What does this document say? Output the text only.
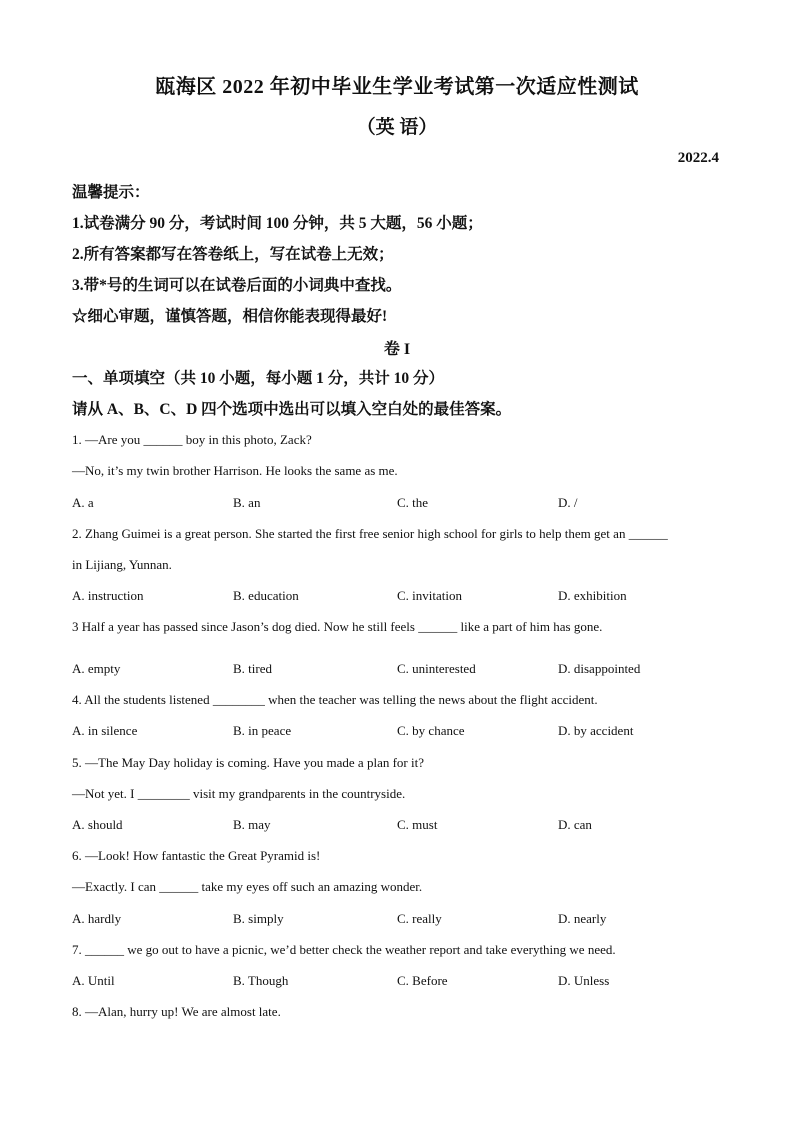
瓯海区 2022 年初中毕业生学业考试第一次适应性测试
（英 语）
2022.4
温馨提示：
1.试卷满分 90 分，考试时间 100 分钟，共 5 大题，56 小题；
2.所有答案都写在答卷纸上，写在试卷上无效；
3.带*号的生词可以在试卷后面的小词典中查找。
☆细心审题，谨慎答题，相信你能表现得最好!
卷 I
一、单项填空（共 10 小题，每小题 1 分，共计 10 分）
请从 A、B、C、D 四个选项中选出可以填入空白处的最佳答案。
1. —Are you ______ boy in this photo, Zack?
—No, it’s my twin brother Harrison. He looks the same as me.
A. a	B. an	C. the	D. /
2. Zhang Guimei is a great person. She started the first free senior high school for girls to help them get an ______
in Lijiang, Yunnan.
A. instruction	B. education	C. invitation	D. exhibition
3 Half a year has passed since Jason’s dog died. Now he still feels ______ like a part of him has gone.
A. empty	B. tired	C. uninterested	D. disappointed
4. All the students listened ________ when the teacher was telling the news about the flight accident.
A. in silence	B. in peace	C. by chance	D. by accident
5. —The May Day holiday is coming. Have you made a plan for it?
—Not yet. I ________ visit my grandparents in the countryside.
A. should	B. may	C. must	D. can
6. —Look! How fantastic the Great Pyramid is!
—Exactly. I can ______ take my eyes off such an amazing wonder.
A. hardly	B. simply	C. really	D. nearly
7. ______ we go out to have a picnic, we’d better check the weather report and take everything we need.
A. Until	B. Though	C. Before	D. Unless
8. —Alan, hurry up! We are almost late.
